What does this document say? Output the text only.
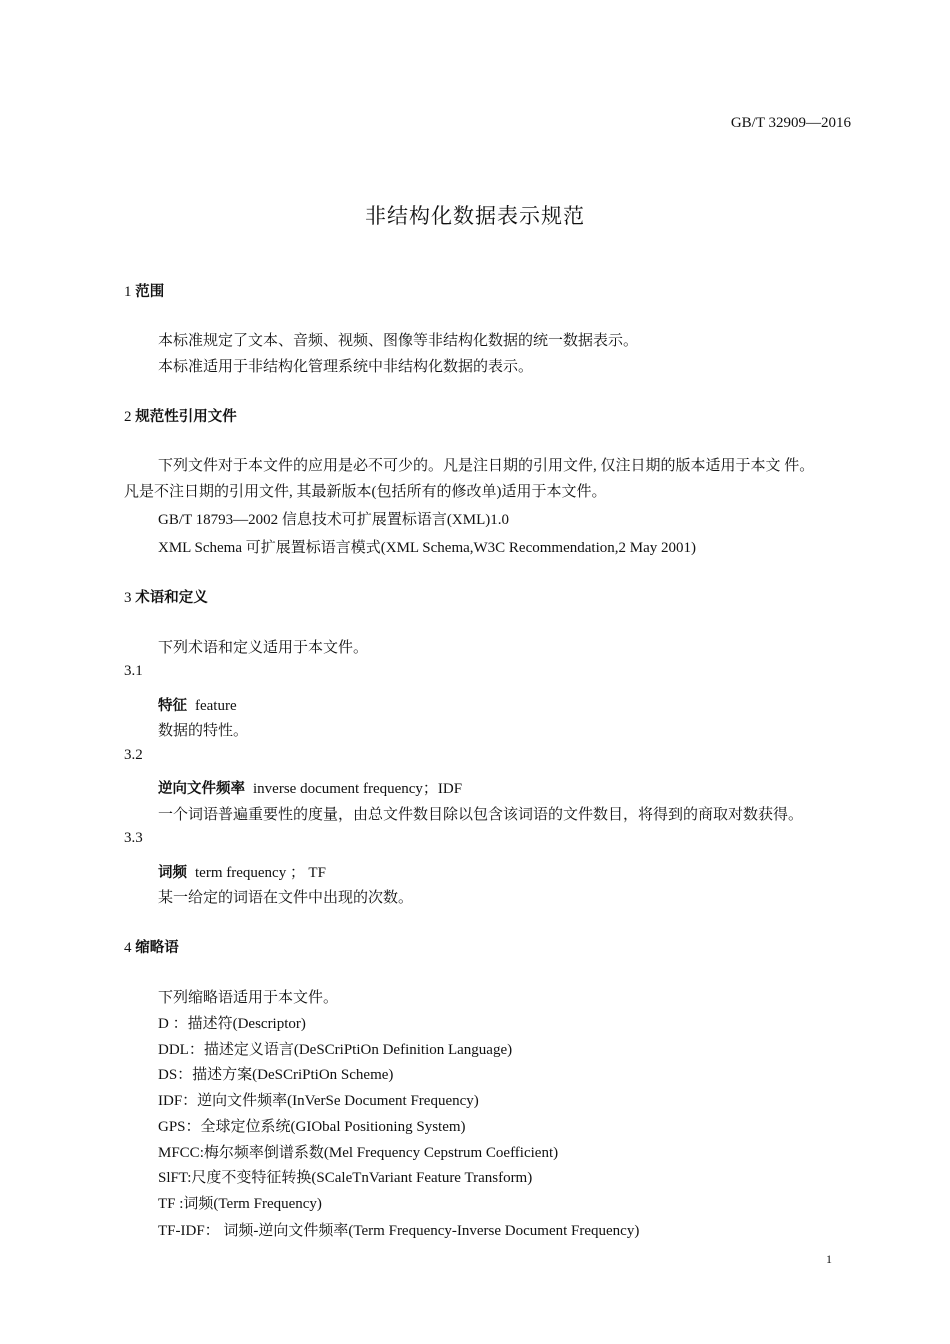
GB/T 32909—2016
非结构化数据表示规范
1 范围
本标准规定了文本、音频、视频、图像等非结构化数据的统一数据表示。
本标准适用于非结构化管理系统中非结构化数据的表示。
2 规范性引用文件
下列文件对于本文件的应用是必不可少的。凡是注日期的引用文件, 仅注日期的版本适用于本文 件。
凡是不注日期的引用文件, 其最新版本(包括所有的修改单)适用于本文件。
GB/T 18793—2002 信息技术可扩展置标语言(XML)1.0
XML Schema 可扩展置标语言模式(XML Schema,W3C Recommendation,2 May 2001)
3 术语和定义
下列术语和定义适用于本文件。
3.1
特征 feature
数据的特性。
3.2
逆向文件频率 inverse document frequency；IDF
一个词语普遍重要性的度量，由总文件数目除以包含该词语的文件数目，将得到的商取对数获得。
3.3
词频 term frequency ； TF
某一给定的词语在文件中出现的次数。
4 缩略语
下列缩略语适用于本文件。
D ：描述符(Descriptor)
DDL：描述定义语言(DeSCriPtiOn Definition Language)
DS：描述方案(DeSCriPtiOn Scheme)
IDF：逆向文件频率(InVerSe Document Frequency)
GPS：全球定位系统(GIObal Positioning System)
MFCC:梅尔频率倒谱系数(Mel Frequency Cepstrum Coefficient)
SlFT:尺度不变特征转换(SCaleTnVariant Feature Transform)
TF :词频(Term Frequency)
TF-IDF： 词频-逆向文件频率(Term Frequency-Inverse Document Frequency)
1
